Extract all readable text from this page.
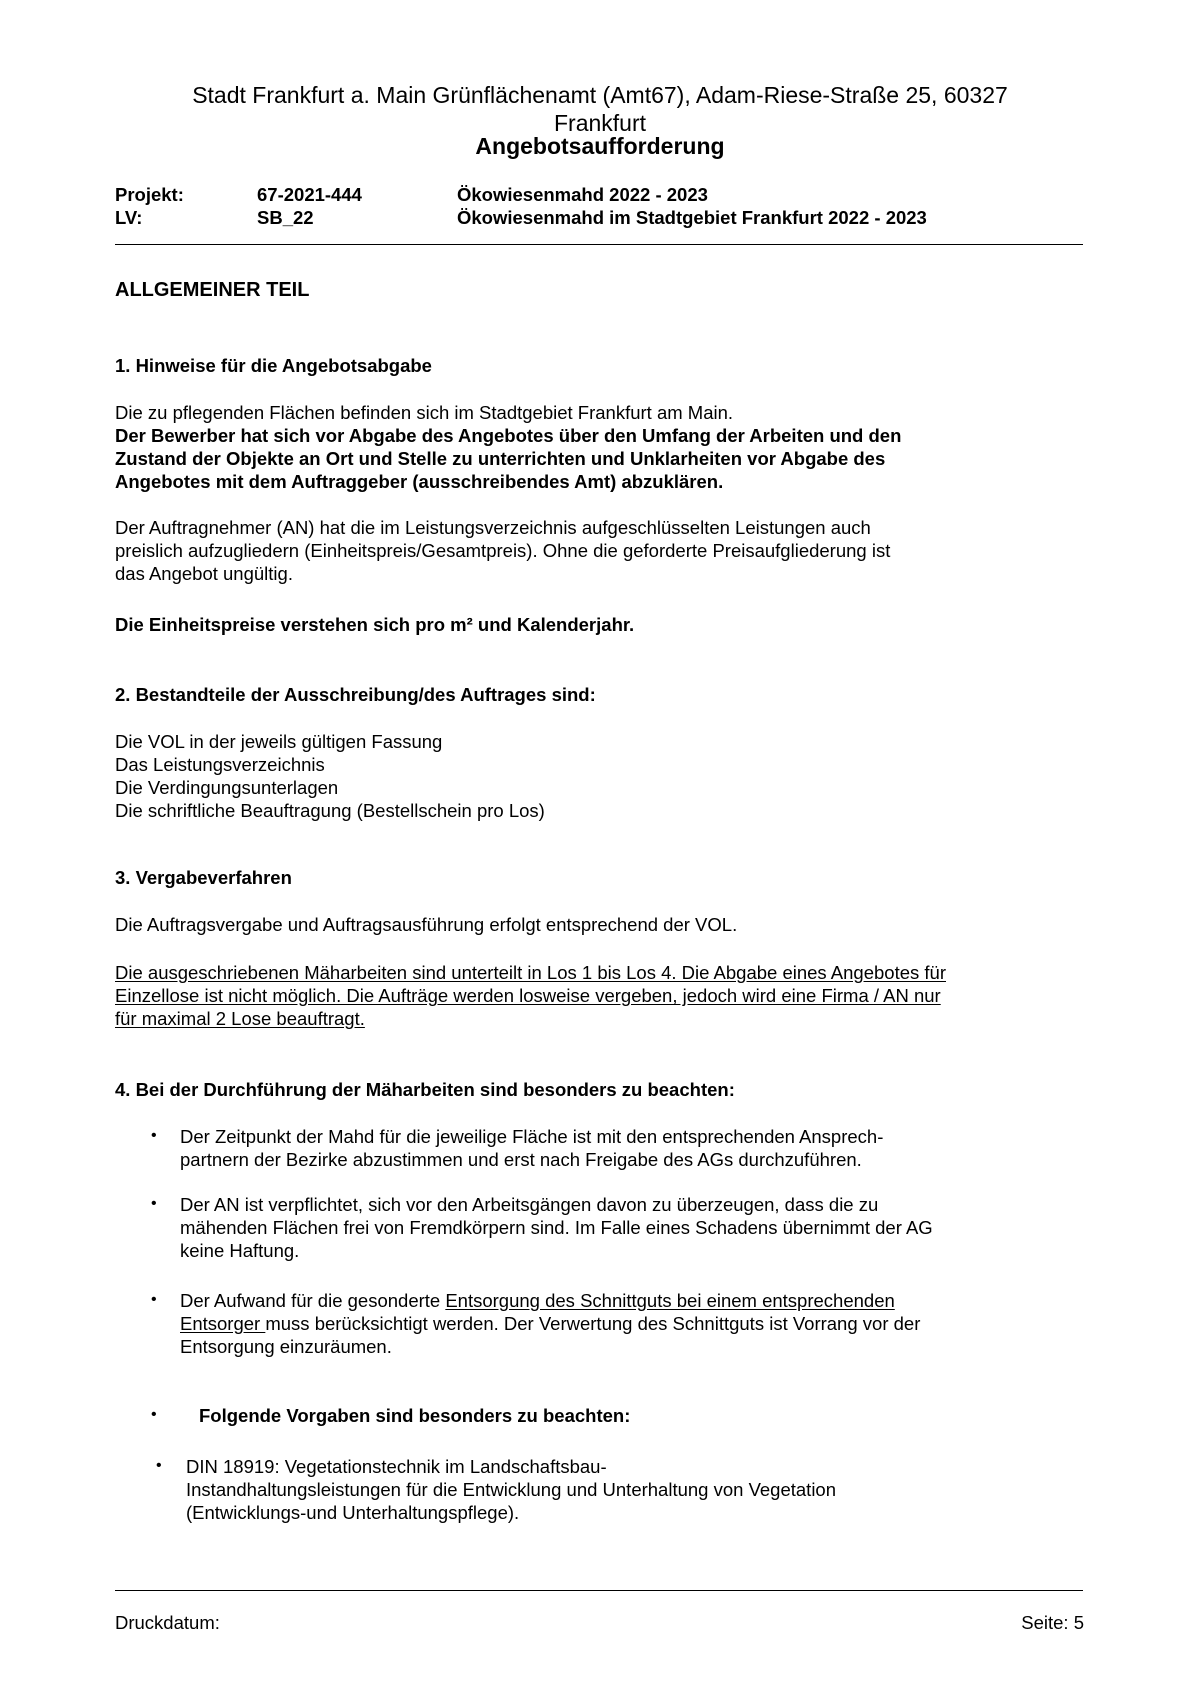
Stadt Frankfurt a. Main Grünflächenamt (Amt67), Adam-Riese-Straße 25, 60327
Frankfurt
Angebotsaufforderung
Projekt:	67-2021-444	Ökowiesenmahd 2022 - 2023
LV:	SB_22	Ökowiesenmahd im Stadtgebiet Frankfurt 2022 - 2023
ALLGEMEINER TEIL
1. Hinweise für die Angebotsabgabe
Die zu pflegenden Flächen befinden sich im Stadtgebiet Frankfurt am Main.
Der Bewerber hat sich vor Abgabe des Angebotes über den Umfang der Arbeiten und den
Zustand der Objekte an Ort und Stelle zu unterrichten und Unklarheiten vor Abgabe des
Angebotes mit dem Auftraggeber (ausschreibendes Amt) abzuklären.
Der Auftragnehmer (AN) hat die im Leistungsverzeichnis aufgeschlüsselten Leistungen auch
preislich aufzugliedern (Einheitspreis/Gesamtpreis). Ohne die geforderte Preisaufgliederung ist
das Angebot ungültig.
Die Einheitspreise verstehen sich pro m² und Kalenderjahr.
2. Bestandteile der Ausschreibung/des Auftrages sind:
Die VOL in der jeweils gültigen Fassung
Das Leistungsverzeichnis
Die Verdingungsunterlagen
Die schriftliche Beauftragung (Bestellschein pro Los)
3. Vergabeverfahren
Die Auftragsvergabe und Auftragsausführung erfolgt entsprechend der VOL.
Die ausgeschriebenen Mäharbeiten sind unterteilt in Los 1 bis Los 4. Die Abgabe eines Angebotes für
Einzellose ist nicht möglich. Die Aufträge werden losweise vergeben, jedoch wird eine Firma / AN nur
für maximal 2 Lose beauftragt.
4. Bei der Durchführung der Mäharbeiten sind besonders zu beachten:
• Der Zeitpunkt der Mahd für die jeweilige Fläche ist mit den entsprechenden Ansprech-
partnern der Bezirke abzustimmen und erst nach Freigabe des AGs durchzuführen.
• Der AN ist verpflichtet, sich vor den Arbeitsgängen davon zu überzeugen, dass die zu
mähenden Flächen frei von Fremdkörpern sind. Im Falle eines Schadens übernimmt der AG
keine Haftung.
• Der Aufwand für die gesonderte Entsorgung des Schnittguts bei einem entsprechenden
Entsorger muss berücksichtigt werden. Der Verwertung des Schnittguts ist Vorrang vor der
Entsorgung einzuräumen.
• Folgende Vorgaben sind besonders zu beachten:
• DIN 18919: Vegetationstechnik im Landschaftsbau-
Instandhaltungsleistungen für die Entwicklung und Unterhaltung von Vegetation
(Entwicklungs-und Unterhaltungspflege).
Druckdatum:	Seite: 5
